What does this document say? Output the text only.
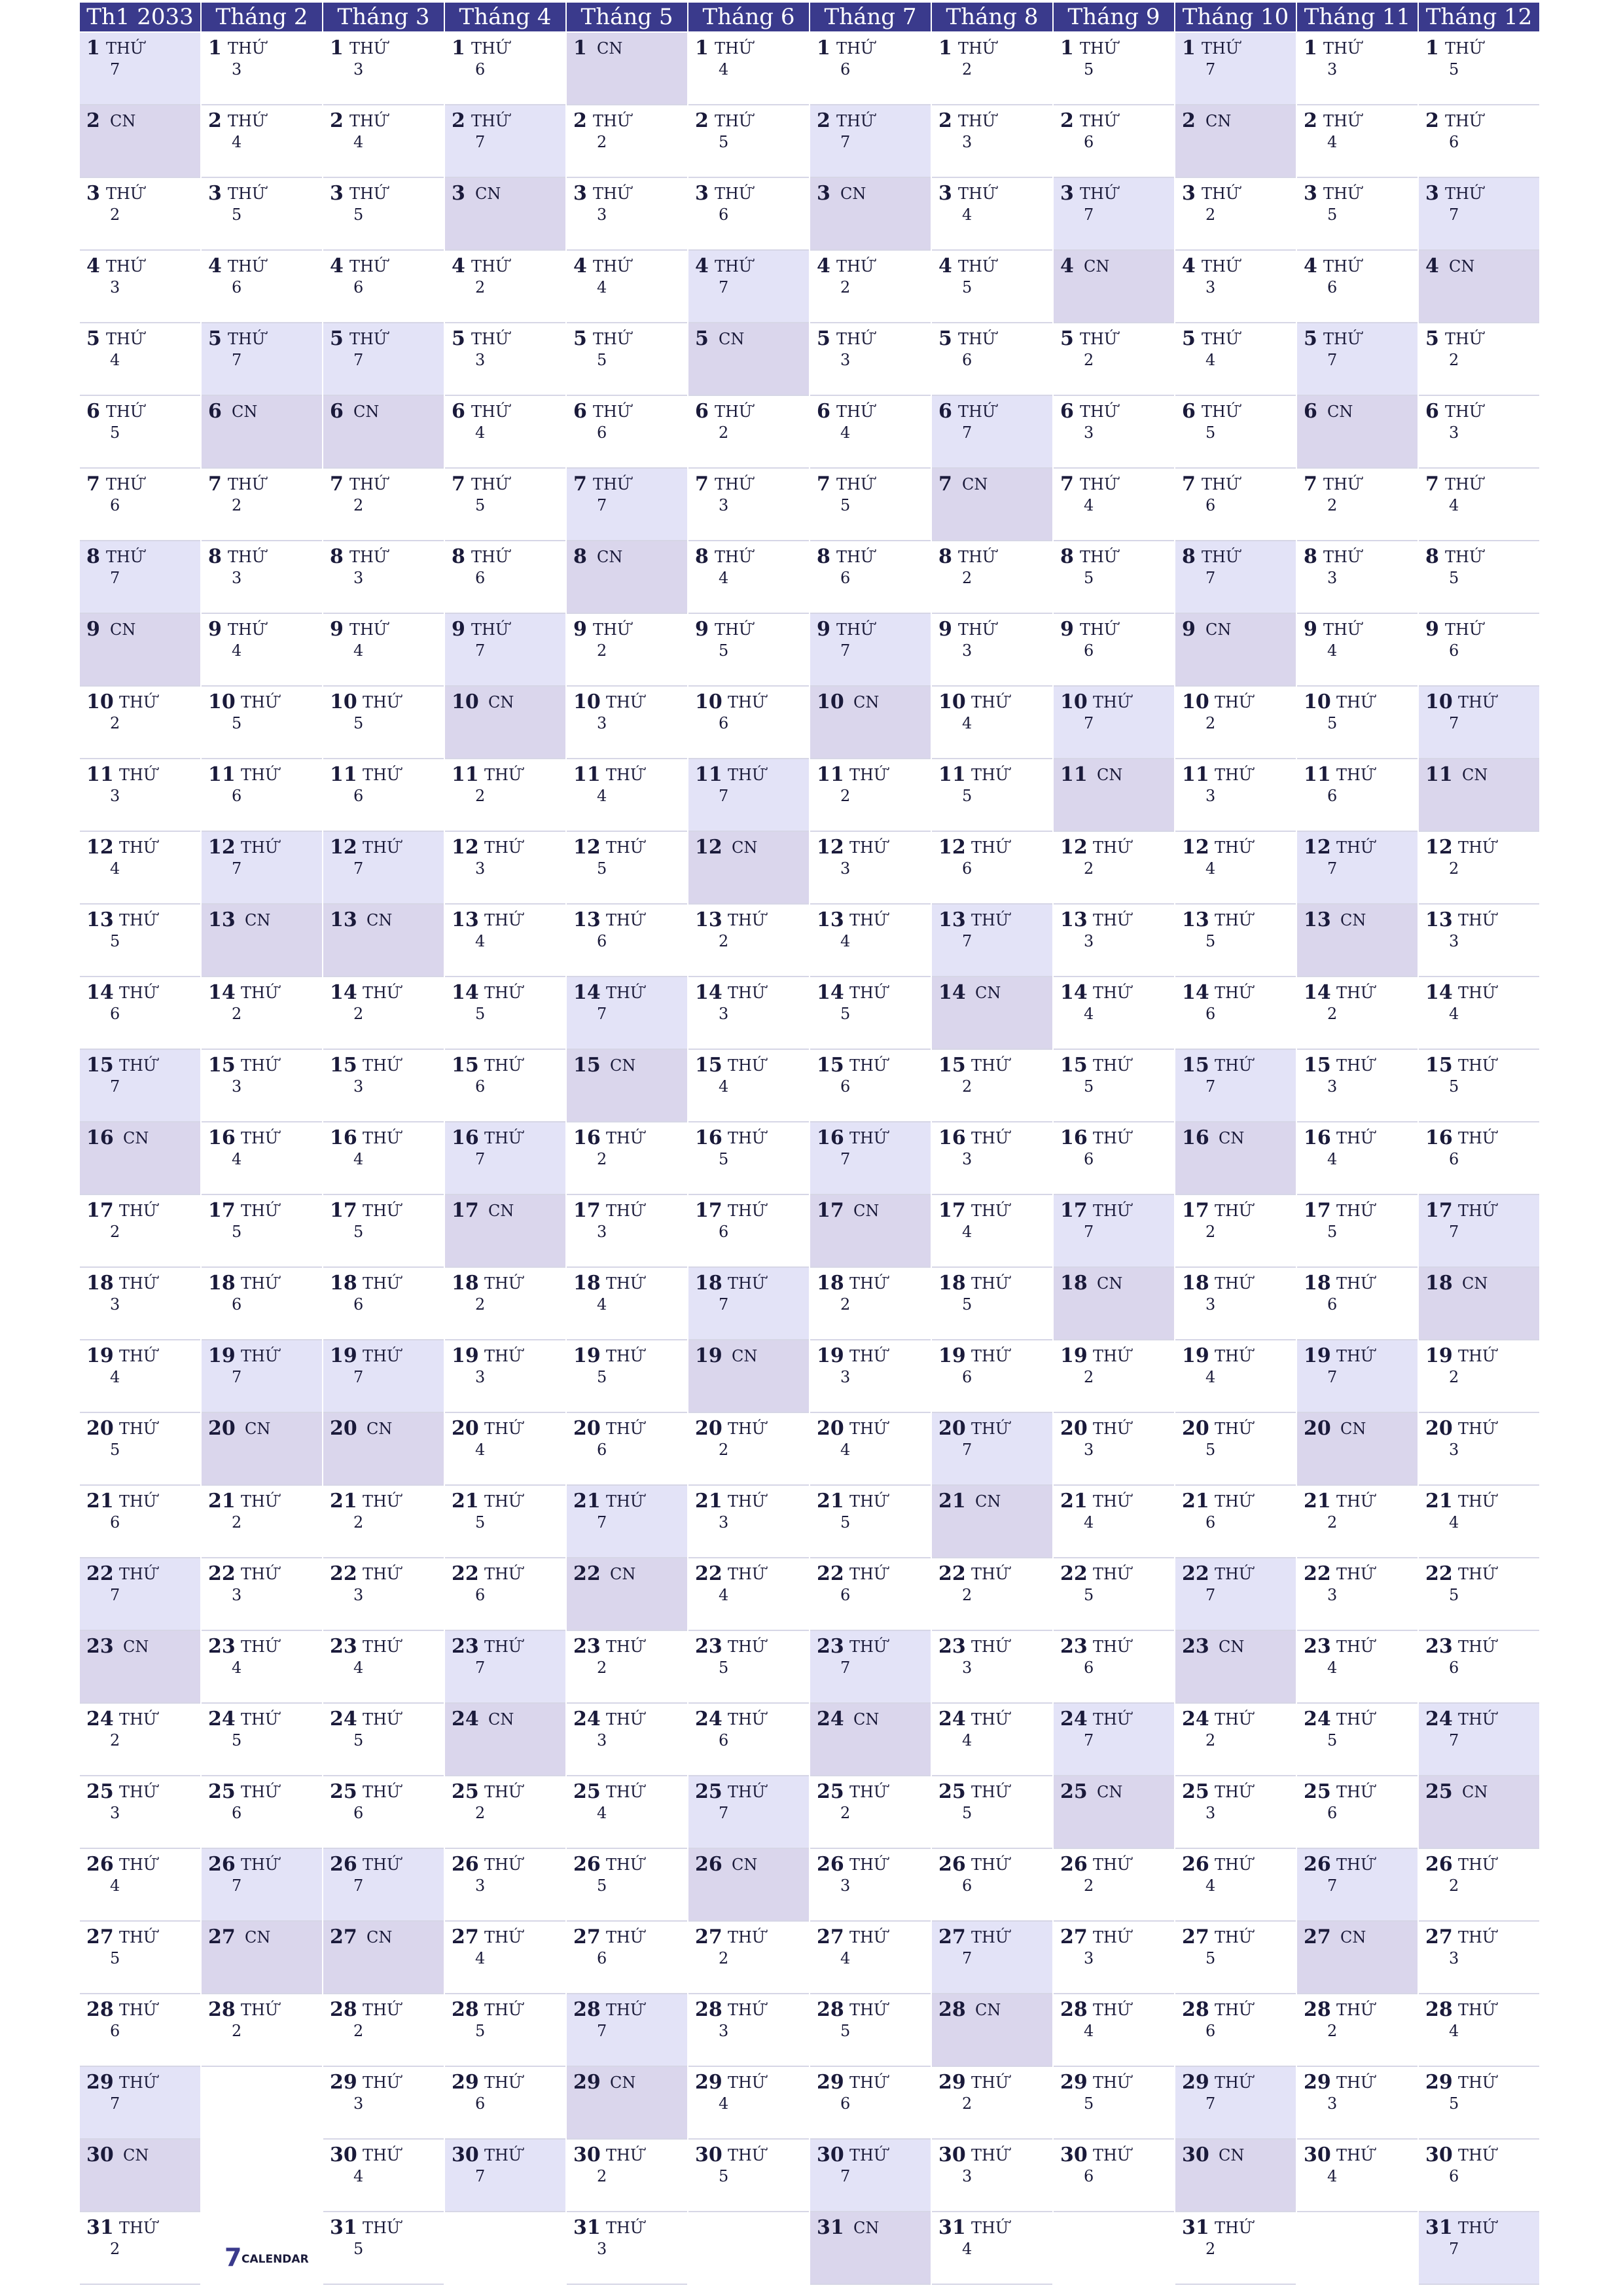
Th1 2033
1 THỨ
7
2 CN
3 THỨ
2
4 THỨ
3
5 THỨ
4
6 THỨ
5
7 THỨ
6
8 THỨ
7
9 CN
10 THỨ
2
11 THỨ
3
12 THỨ
4
13 THỨ
5
14 THỨ
6
15 THỨ
7
16 CN
17 THỨ
2
18 THỨ
3
19 THỨ
4
20 THỨ
5
21 THỨ
6
22 THỨ
7
23 CN
24 THỨ
2
25 THỨ
3
26 THỨ
4
27 THỨ
5
28 THỨ
6
29 THỨ
7
30 CN
31 THỨ
2
Tháng 2
1 THỨ
3
2 THỨ
4
3 THỨ
5
4 THỨ
6
5 THỨ
7
6 CN
7 THỨ
2
8 THỨ
3
9 THỨ
4
10 THỨ
5
11 THỨ
6
12 THỨ
7
13 CN
14 THỨ
2
15 THỨ
3
16 THỨ
4
17 THỨ
5
18 THỨ
6
19 THỨ
7
20 CN
21 THỨ
2
22 THỨ
3
23 THỨ
4
24 THỨ
5
25 THỨ
6
26 THỨ
7
27 CN
28 THỨ
2
Tháng 3
1 THỨ
3
2 THỨ
4
3 THỨ
5
4 THỨ
6
5 THỨ
7
6 CN
7 THỨ
2
8 THỨ
3
9 THỨ
4
10 THỨ
5
11 THỨ
6
12 THỨ
7
13 CN
14 THỨ
2
15 THỨ
3
16 THỨ
4
17 THỨ
5
18 THỨ
6
19 THỨ
7
20 CN
21 THỨ
2
22 THỨ
3
23 THỨ
4
24 THỨ
5
25 THỨ
6
26 THỨ
7
27 CN
28 THỨ
2
29 THỨ
3
30 THỨ
4
31 THỨ
5
Tháng 4
1 THỨ
6
2 THỨ
7
3 CN
4 THỨ
2
5 THỨ
3
6 THỨ
4
7 THỨ
5
8 THỨ
6
9 THỨ
7
10 CN
11 THỨ
2
12 THỨ
3
13 THỨ
4
14 THỨ
5
15 THỨ
6
16 THỨ
7
17 CN
18 THỨ
2
19 THỨ
3
20 THỨ
4
21 THỨ
5
22 THỨ
6
23 THỨ
7
24 CN
25 THỨ
2
26 THỨ
3
27 THỨ
4
28 THỨ
5
29 THỨ
6
30 THỨ
7
Tháng 5
1 CN
2 THỨ
2
3 THỨ
3
4 THỨ
4
5 THỨ
5
6 THỨ
6
7 THỨ
7
8 CN
9 THỨ
2
10 THỨ
3
11 THỨ
4
12 THỨ
5
13 THỨ
6
14 THỨ
7
15 CN
16 THỨ
2
17 THỨ
3
18 THỨ
4
19 THỨ
5
20 THỨ
6
21 THỨ
7
22 CN
23 THỨ
2
24 THỨ
3
25 THỨ
4
26 THỨ
5
27 THỨ
6
28 THỨ
7
29 CN
30 THỨ
2
31 THỨ
3
Tháng 6
1 THỨ
4
2 THỨ
5
3 THỨ
6
4 THỨ
7
5 CN
6 THỨ
2
7 THỨ
3
8 THỨ
4
9 THỨ
5
10 THỨ
6
11 THỨ
7
12 CN
13 THỨ
2
14 THỨ
3
15 THỨ
4
16 THỨ
5
17 THỨ
6
18 THỨ
7
19 CN
20 THỨ
2
21 THỨ
3
22 THỨ
4
23 THỨ
5
24 THỨ
6
25 THỨ
7
26 CN
27 THỨ
2
28 THỨ
3
29 THỨ
4
30 THỨ
5
Tháng 7
1 THỨ
6
2 THỨ
7
3 CN
4 THỨ
2
5 THỨ
3
6 THỨ
4
7 THỨ
5
8 THỨ
6
9 THỨ
7
10 CN
11 THỨ
2
12 THỨ
3
13 THỨ
4
14 THỨ
5
15 THỨ
6
16 THỨ
7
17 CN
18 THỨ
2
19 THỨ
3
20 THỨ
4
21 THỨ
5
22 THỨ
6
23 THỨ
7
24 CN
25 THỨ
2
26 THỨ
3
27 THỨ
4
28 THỨ
5
29 THỨ
6
30 THỨ
7
31 CN
Tháng 8
1 THỨ
2
2 THỨ
3
3 THỨ
4
4 THỨ
5
5 THỨ
6
6 THỨ
7
7 CN
8 THỨ
2
9 THỨ
3
10 THỨ
4
11 THỨ
5
12 THỨ
6
13 THỨ
7
14 CN
15 THỨ
2
16 THỨ
3
17 THỨ
4
18 THỨ
5
19 THỨ
6
20 THỨ
7
21 CN
22 THỨ
2
23 THỨ
3
24 THỨ
4
25 THỨ
5
26 THỨ
6
27 THỨ
7
28 CN
29 THỨ
2
30 THỨ
3
31 THỨ
4
Tháng 9
1 THỨ
5
2 THỨ
6
3 THỨ
7
4 CN
5 THỨ
2
6 THỨ
3
7 THỨ
4
8 THỨ
5
9 THỨ
6
10 THỨ
7
11 CN
12 THỨ
2
13 THỨ
3
14 THỨ
4
15 THỨ
5
16 THỨ
6
17 THỨ
7
18 CN
19 THỨ
2
20 THỨ
3
21 THỨ
4
22 THỨ
5
23 THỨ
6
24 THỨ
7
25 CN
26 THỨ
2
27 THỨ
3
28 THỨ
4
29 THỨ
5
30 THỨ
6
Tháng 10
1 THỨ
7
2 CN
3 THỨ
2
4 THỨ
3
5 THỨ
4
6 THỨ
5
7 THỨ
6
8 THỨ
7
9 CN
10 THỨ
2
11 THỨ
3
12 THỨ
4
13 THỨ
5
14 THỨ
6
15 THỨ
7
16 CN
17 THỨ
2
18 THỨ
3
19 THỨ
4
20 THỨ
5
21 THỨ
6
22 THỨ
7
23 CN
24 THỨ
2
25 THỨ
3
26 THỨ
4
27 THỨ
5
28 THỨ
6
29 THỨ
7
30 CN
31 THỨ
2
Tháng 11
1 THỨ
3
2 THỨ
4
3 THỨ
5
4 THỨ
6
5 THỨ
7
6 CN
7 THỨ
2
8 THỨ
3
9 THỨ
4
10 THỨ
5
11 THỨ
6
12 THỨ
7
13 CN
14 THỨ
2
15 THỨ
3
16 THỨ
4
17 THỨ
5
18 THỨ
6
19 THỨ
7
20 CN
21 THỨ
2
22 THỨ
3
23 THỨ
4
24 THỨ
5
25 THỨ
6
26 THỨ
7
27 CN
28 THỨ
2
29 THỨ
3
30 THỨ
4
Tháng 12
1 THỨ
5
2 THỨ
6
3 THỨ
7
4 CN
5 THỨ
2
6 THỨ
3
7 THỨ
4
8 THỨ
5
9 THỨ
6
10 THỨ
7
11 CN
12 THỨ
2
13 THỨ
3
14 THỨ
4
15 THỨ
5
16 THỨ
6
17 THỨ
7
18 CN
19 THỨ
2
20 THỨ
3
21 THỨ
4
22 THỨ
5
23 THỨ
6
24 THỨ
7
25 CN
26 THỨ
2
27 THỨ
3
28 THỨ
4
29 THỨ
5
30 THỨ
6
31 THỨ
7
7 CALENDAR
